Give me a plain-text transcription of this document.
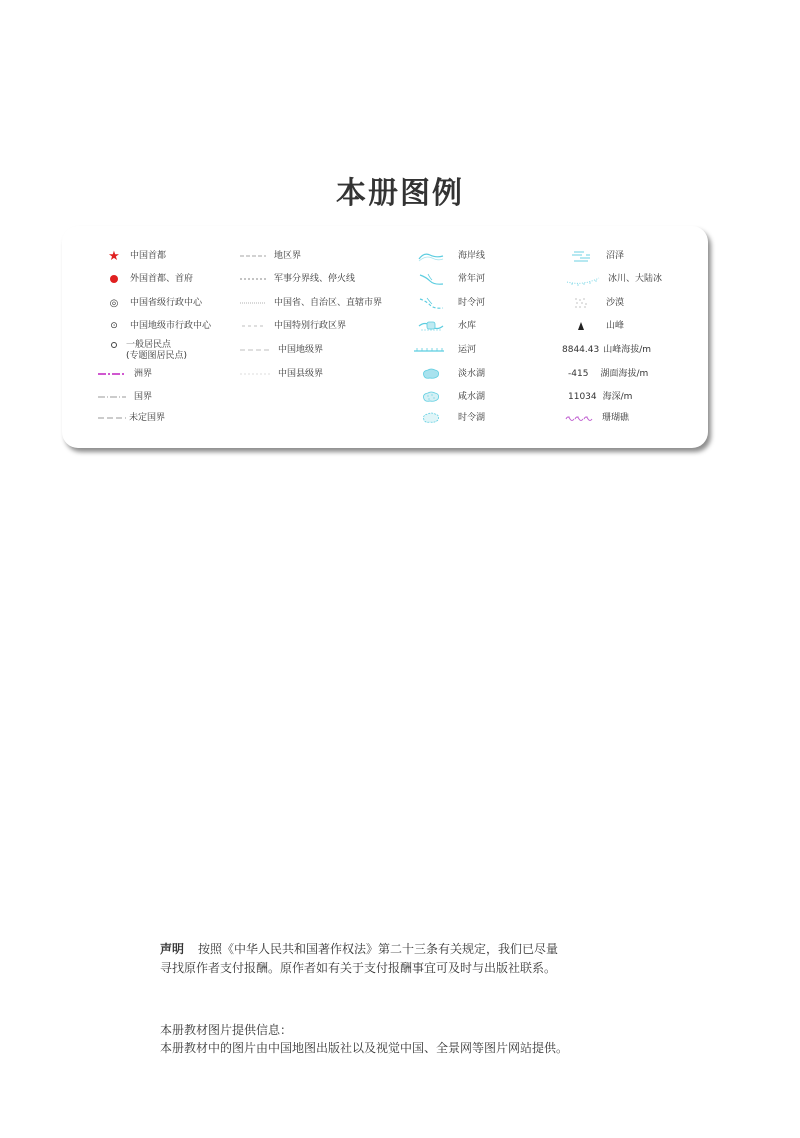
本册图例
★ 中国首都
外国首都、首府
◎ 中国省级行政中心
⊙ 中国地级市行政中心
一般居民点
(专题图居民点)
洲界
国界
未定国界
地区界
军事分界线、停火线
中国省、自治区、直辖市界
中国特别行政区界
中国地级界
中国县级界
海岸线
常年河
时令河
水库
运河
淡水湖
咸水湖
时令湖
沼泽
冰川、大陆冰
沙漠
山峰
8844.43 山峰海拔/m
-415 湖面海拔/m
11034 海深/m
珊瑚礁
声明 按照《中华人民共和国著作权法》第二十三条有关规定，我们已尽量
寻找原作者支付报酬。原作者如有关于支付报酬事宜可及时与出版社联系。
本册教材图片提供信息：
本册教材中的图片由中国地图出版社以及视觉中国、全景网等图片网站提供。
